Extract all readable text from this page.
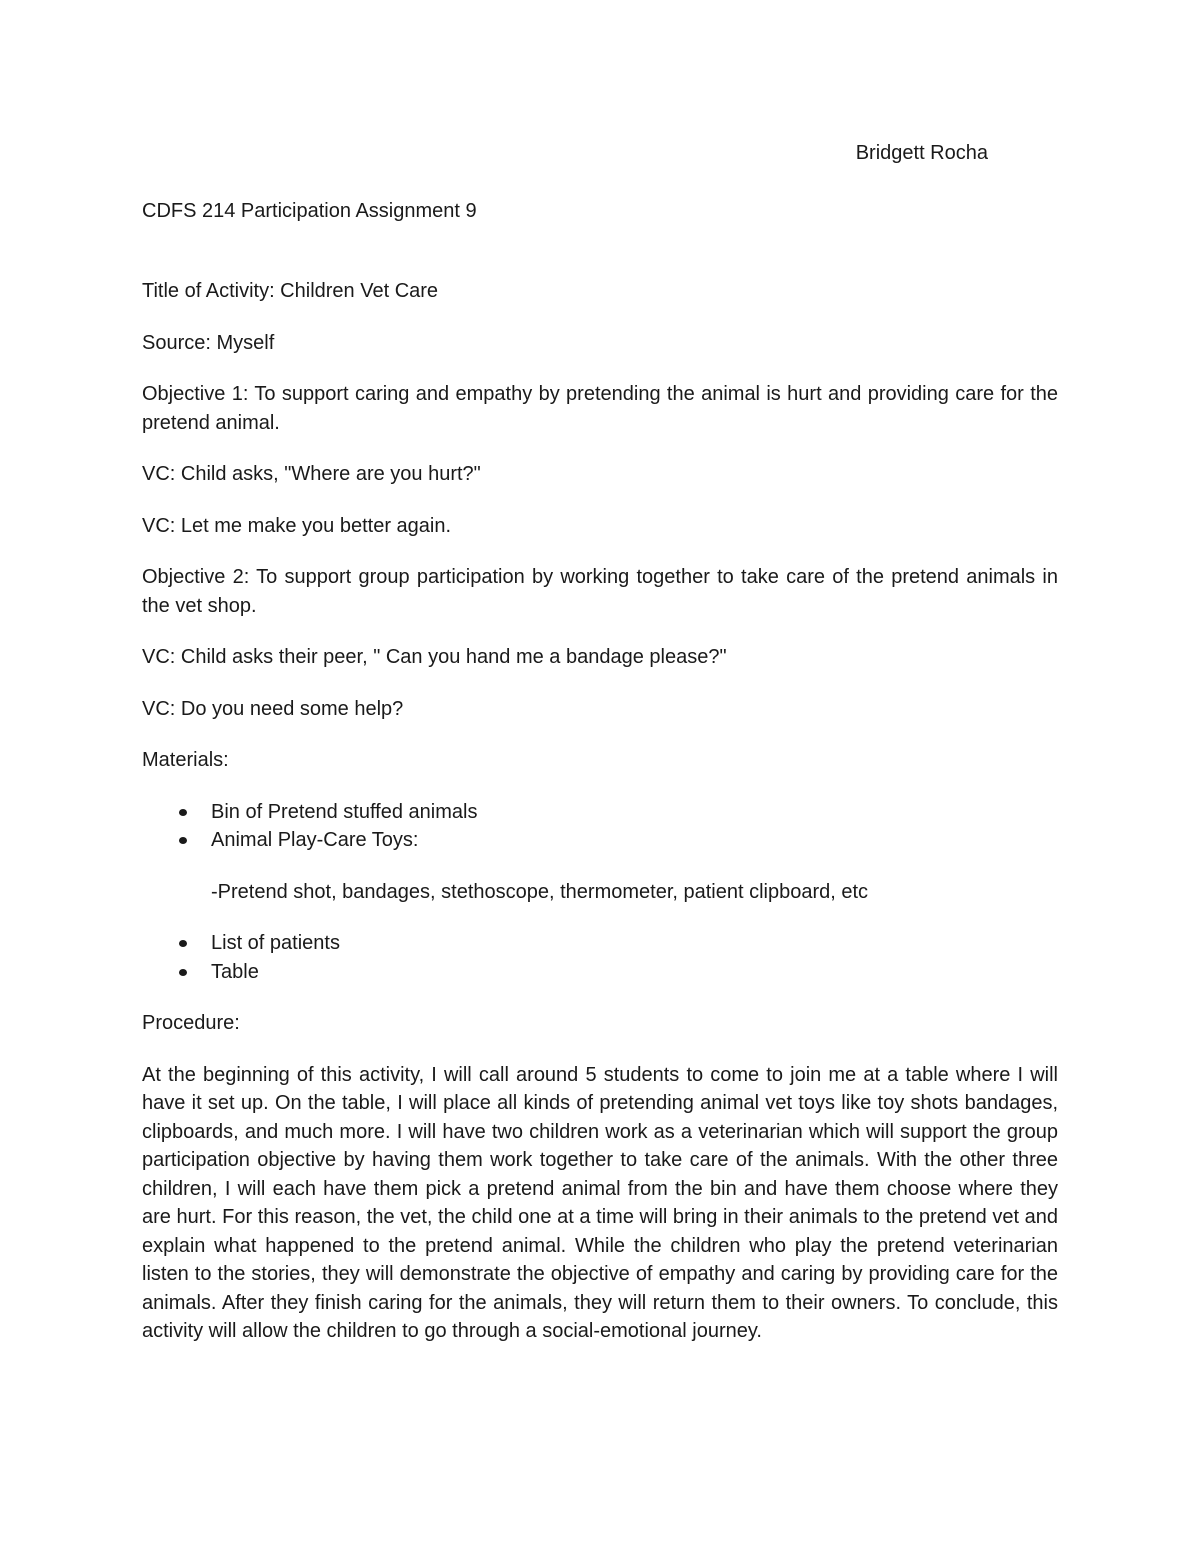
Bridgett Rocha

CDFS 214 Participation Assignment 9

Title of Activity: Children Vet Care

Source: Myself

Objective 1: To support caring and empathy by pretending the animal is hurt and providing care for the pretend animal.

VC: Child asks, "Where are you hurt?"

VC: Let me make you better again.

Objective 2: To support group participation by working together to take care of the pretend animals in the vet shop.

VC: Child asks their peer, " Can you hand me a bandage please?"

VC: Do you need some help?

Materials:

Bin of Pretend stuffed animals
Animal Play-Care Toys:

-Pretend shot, bandages, stethoscope, thermometer, patient clipboard, etc

List of patients
Table

Procedure:

At the beginning of this activity, I will call around 5 students to come to join me at a table where I will have it set up. On the table, I will place all kinds of pretending animal vet toys like toy shots bandages, clipboards, and much more. I will have two children work as a veterinarian which will support the group participation objective by having them work together to take care of the animals. With the other three children, I will each have them pick a pretend animal from the bin and have them choose where they are hurt. For this reason, the vet, the child one at a time will bring in their animals to the pretend vet and explain what happened to the pretend animal. While the children who play the pretend veterinarian listen to the stories, they will demonstrate the objective of empathy and caring by providing care for the animals. After they finish caring for the animals, they will return them to their owners. To conclude, this activity will allow the children to go through a social-emotional journey.
